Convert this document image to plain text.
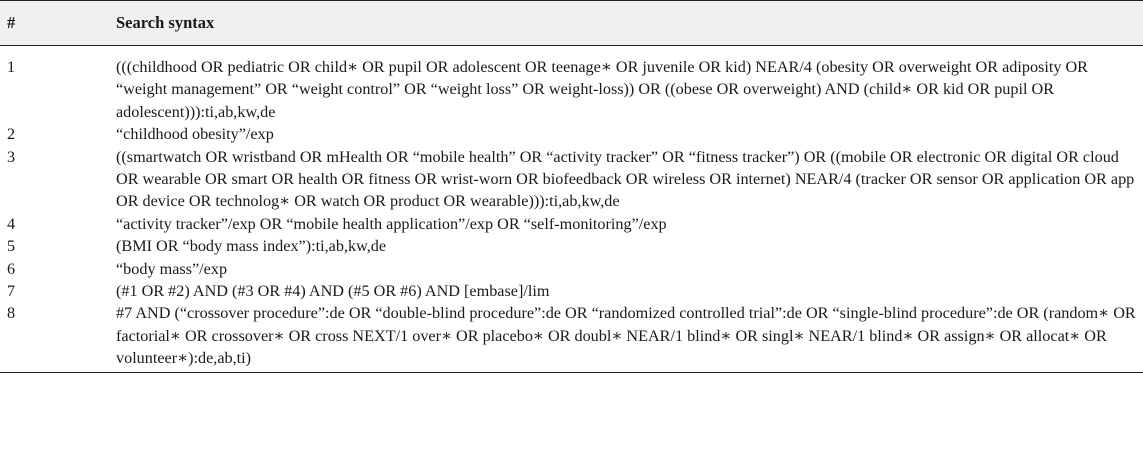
#	Search syntax
1	(((childhood OR pediatric OR child∗ OR pupil OR adolescent OR teenage∗ OR juvenile OR kid) NEAR/4 (obesity OR overweight OR adiposity OR “weight management” OR “weight control” OR “weight loss” OR weight-loss)) OR ((obese OR overweight) AND (child∗ OR kid OR pupil OR adolescent))):ti,ab,kw,de
2	“childhood obesity”/exp
3	((smartwatch OR wristband OR mHealth OR “mobile health” OR “activity tracker” OR “fitness tracker”) OR ((mobile OR electronic OR digital OR cloud OR wearable OR smart OR health OR fitness OR wrist-worn OR biofeedback OR wireless OR internet) NEAR/4 (tracker OR sensor OR application OR app OR device OR technolog∗ OR watch OR product OR wearable))):ti,ab,kw,de
4	“activity tracker”/exp OR “mobile health application”/exp OR “self-monitoring”/exp
5	(BMI OR “body mass index”):ti,ab,kw,de
6	“body mass”/exp
7	(#1 OR #2) AND (#3 OR #4) AND (#5 OR #6) AND [embase]/lim
8	#7 AND (“crossover procedure”:de OR “double-blind procedure”:de OR “randomized controlled trial”:de OR “single-blind procedure”:de OR (random∗ OR factorial∗ OR crossover∗ OR cross NEXT/1 over∗ OR placebo∗ OR doubl∗ NEAR/1 blind∗ OR singl∗ NEAR/1 blind∗ OR assign∗ OR allocat∗ OR volunteer∗):de,ab,ti)
